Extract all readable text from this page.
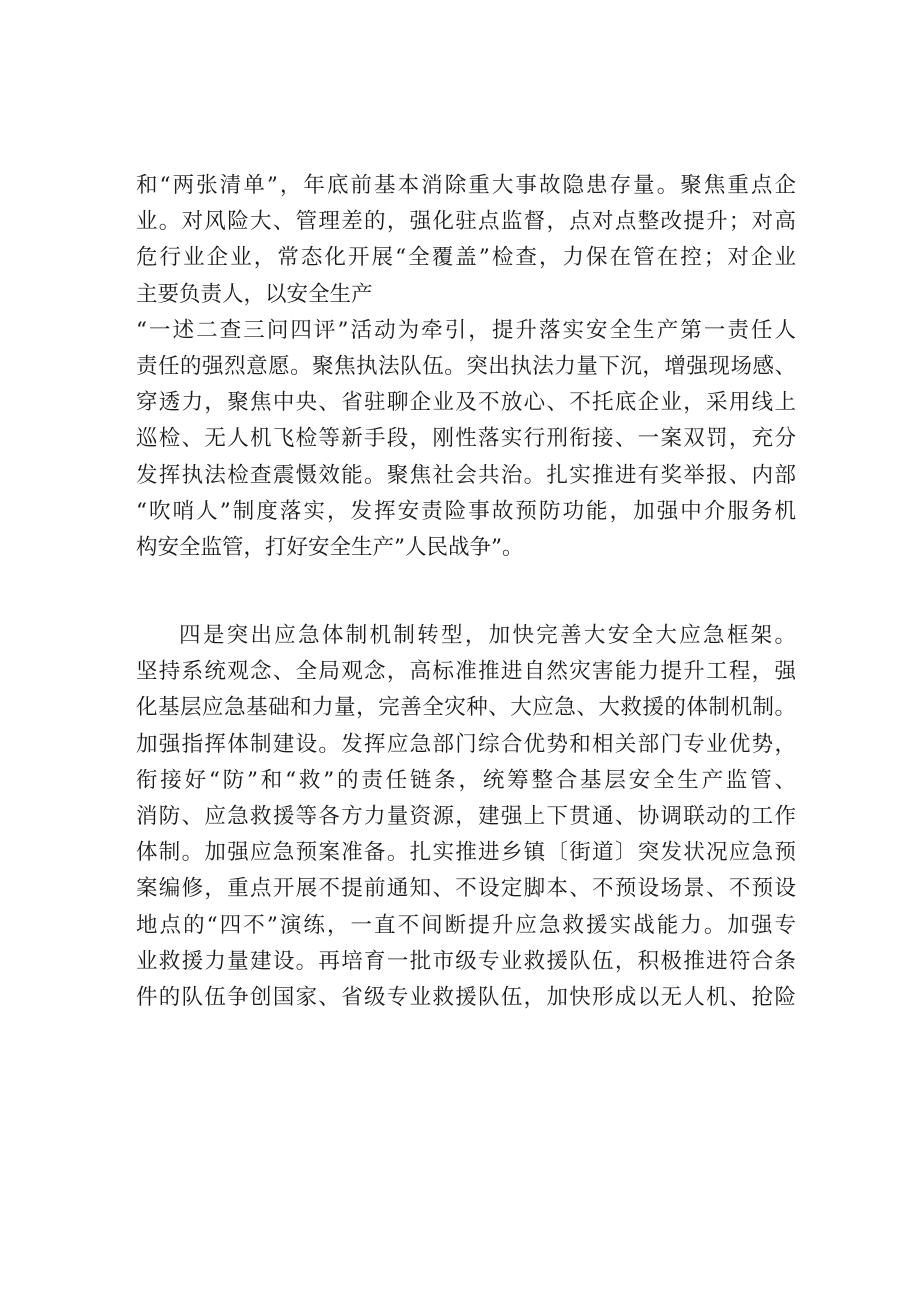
和“两张清单”，年底前基本消除重大事故隐患存量。聚焦重点企
业。对风险大、管理差的，强化驻点监督，点对点整改提升；对高
危行业企业，常态化开展“全覆盖”检查，力保在管在控；对企业
主要负责人，以安全生产
“一述二查三问四评”活动为牵引，提升落实安全生产第一责任人
责任的强烈意愿。聚焦执法队伍。突出执法力量下沉，增强现场感、
穿透力，聚焦中央、省驻聊企业及不放心、不托底企业，采用线上
巡检、无人机飞检等新手段，刚性落实行刑衔接、一案双罚，充分
发挥执法检查震慑效能。聚焦社会共治。扎实推进有奖举报、内部
“吹哨人”制度落实，发挥安责险事故预防功能，加强中介服务机
构安全监管，打好安全生产”人民战争”。
四是突出应急体制机制转型，加快完善大安全大应急框架。
坚持系统观念、全局观念，高标准推进自然灾害能力提升工程，强
化基层应急基础和力量，完善全灾种、大应急、大救援的体制机制。
加强指挥体制建设。发挥应急部门综合优势和相关部门专业优势，
衔接好“防”和“救”的责任链条，统筹整合基层安全生产监管、
消防、应急救援等各方力量资源，建强上下贯通、协调联动的工作
体制。加强应急预案准备。扎实推进乡镇〔街道〕突发状况应急预
案编修，重点开展不提前通知、不设定脚本、不预设场景、不预设
地点的“四不”演练，一直不间断提升应急救援实战能力。加强专
业救援力量建设。再培育一批市级专业救援队伍，积极推进符合条
件的队伍争创国家、省级专业救援队伍，加快形成以无人机、抢险
